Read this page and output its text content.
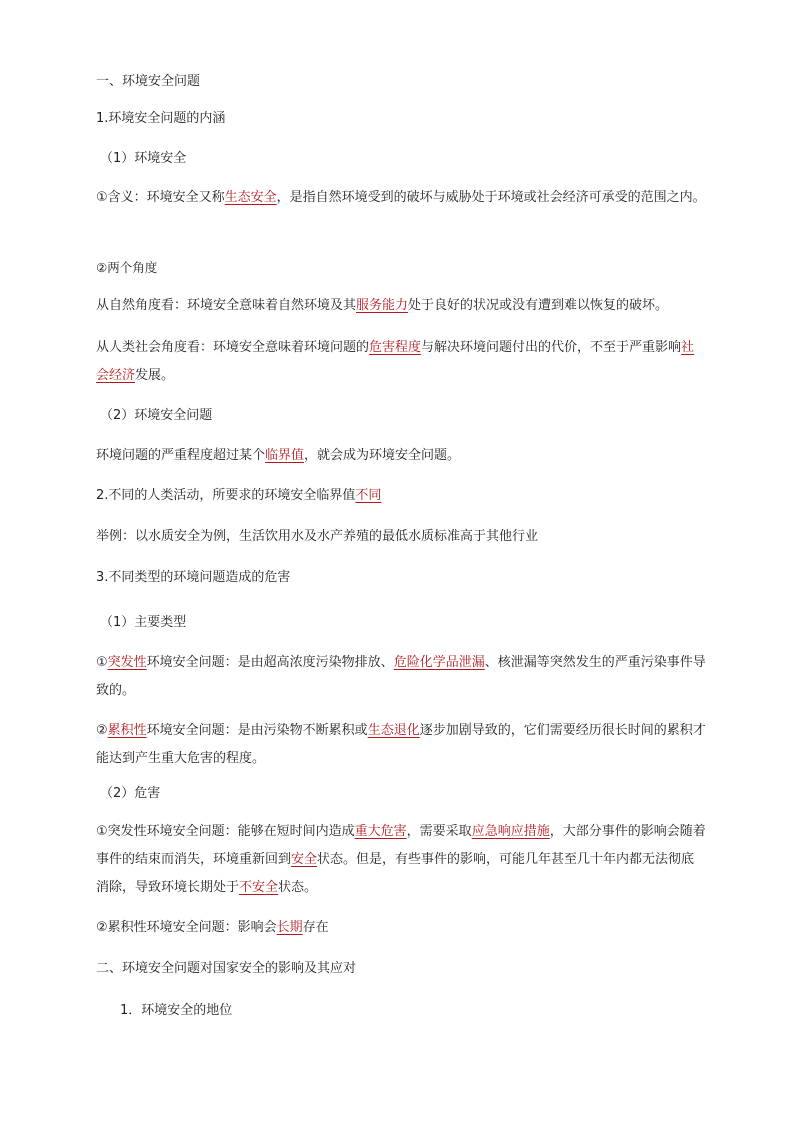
一、环境安全问题
1.环境安全问题的内涵
（1）环境安全
①含义：环境安全又称生态安全，是指自然环境受到的破坏与威胁处于环境或社会经济可承受的范围之内。
②两个角度
从自然角度看：环境安全意味着自然环境及其服务能力处于良好的状况或没有遭到难以恢复的破坏。
从人类社会角度看：环境安全意味着环境问题的危害程度与解决环境问题付出的代价，不至于严重影响社会经济发展。
（2）环境安全问题
环境问题的严重程度超过某个临界值，就会成为环境安全问题。
2.不同的人类活动，所要求的环境安全临界值不同
举例：以水质安全为例，生活饮用水及水产养殖的最低水质标准高于其他行业
3.不同类型的环境问题造成的危害
（1）主要类型
①突发性环境安全问题：是由超高浓度污染物排放、危险化学品泄漏、核泄漏等突然发生的严重污染事件导致的。
②累积性环境安全问题：是由污染物不断累积或生态退化逐步加剧导致的，它们需要经历很长时间的累积才能达到产生重大危害的程度。
（2）危害
①突发性环境安全问题：能够在短时间内造成重大危害，需要采取应急响应措施，大部分事件的影响会随着事件的结束而消失，环境重新回到安全状态。但是，有些事件的影响，可能几年甚至几十年内都无法彻底消除，导致环境长期处于不安全状态。
②累积性环境安全问题：影响会长期存在
二、环境安全问题对国家安全的影响及其应对
1．环境安全的地位
